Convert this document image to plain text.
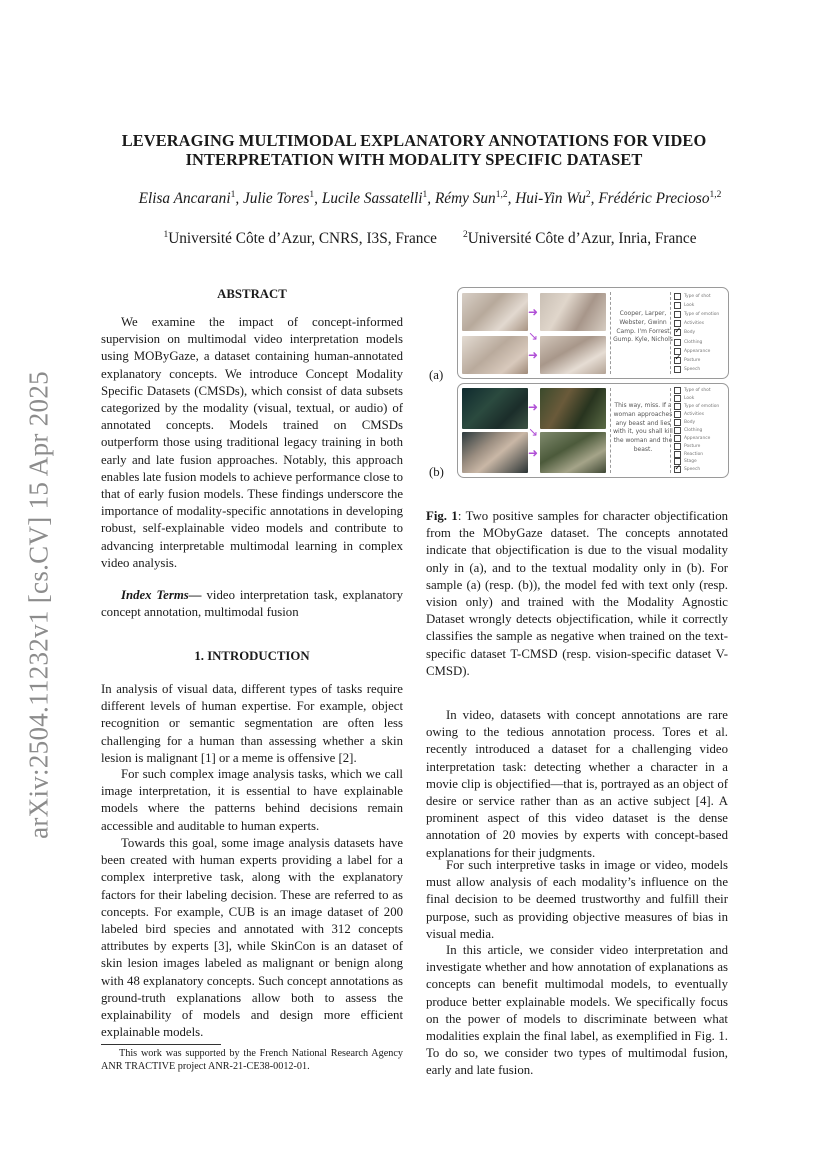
arXiv:2504.11232v1 [cs.CV] 15 Apr 2025
LEVERAGING MULTIMODAL EXPLANATORY ANNOTATIONS FOR VIDEO
INTERPRETATION WITH MODALITY SPECIFIC DATASET
Elisa Ancarani$^1$, Julie Tores$^1$, Lucile Sassatelli$^1$, Rémy Sun$^{1,2}$, Hui-Yin Wu$^2$, Frédéric Precioso$^{1,2}$
$^1$Université Côte d’Azur, CNRS, I3S, France	$^2$Université Côte d’Azur, Inria, France
ABSTRACT

We examine the impact of concept-informed supervision on multimodal video interpretation models using MOByGaze, a dataset containing human-annotated explanatory concepts. We introduce Concept Modality Specific Datasets (CMSDs), which consist of data subsets categorized by the modality (visual, textual, or audio) of annotated concepts. Models trained on CMSDs outperform those using traditional legacy training in both early and late fusion approaches. Notably, this approach enables late fusion models to achieve performance close to that of early fusion models. These findings underscore the importance of modality-specific annotations in developing robust, self-explainable video models and contribute to advancing interpretable multimodal learning in complex video analysis.

Index Terms— video interpretation task, explanatory concept annotation, multimodal fusion

1. INTRODUCTION

In analysis of visual data, different types of tasks require different levels of human expertise. For example, object recognition or semantic segmentation are often less challenging for a human than assessing whether a skin lesion is malignant [1] or a meme is offensive [2].

For such complex image analysis tasks, which we call image interpretation, it is essential to have explainable models where the patterns behind decisions remain accessible and auditable to human experts.

Towards this goal, some image analysis datasets have been created with human experts providing a label for a complex interpretive task, along with the explanatory factors for their labeling decision. These are referred to as concepts. For example, CUB is an image dataset of 200 labeled bird species and annotated with 312 concepts attributes by experts [3], while SkinCon is an dataset of skin lesion images labeled as malignant or benign along with 48 explanatory concepts. Such concept annotations as ground-truth explanations allow both to assess the explainability of models and design more efficient explainable models.

This work was supported by the French National Research Agency ANR TRACTIVE project ANR-21-CE38-0012-01.

(a)
(b)
➜
↘
➜
Cooper, Larper, Webster, Gwinn Camp. I'm Forrest Gump. Kyle, Nichols
Type of shot
Look
Type of emotion
Activities
✓
Body
Clothing
Appearance
✓
Posture
Speech
➜
↘
➜
This way, miss. If a woman approaches any beast and lies with it, you shall kill the woman and the beast.
Type of shot
Look
Type of emotion
Activities
Body
Clothing
Appearance
Posture
Reaction
Stage
✓
Speech

Fig. 1: Two positive samples for character objectification from the MObyGaze dataset. The concepts annotated indicate that objectification is due to the visual modality only in (a), and to the textual modality only in (b). For sample (a) (resp. (b)), the model fed with text only (resp. vision only) and trained with the Modality Agnostic Dataset wrongly detects objectification, while it correctly classifies the sample as negative when trained on the text-specific dataset T-CMSD (resp. vision-specific dataset V-CMSD).

In video, datasets with concept annotations are rare owing to the tedious annotation process. Tores et al. recently introduced a dataset for a challenging video interpretation task: detecting whether a character in a movie clip is objectified—that is, portrayed as an object of desire or service rather than as an active subject [4]. A prominent aspect of this video dataset is the dense annotation of 20 movies by experts with concept-based explanations for their judgments.

For such interpretive tasks in image or video, models must allow analysis of each modality’s influence on the final decision to be deemed trustworthy and fulfill their purpose, such as providing objective measures of bias in visual media.

In this article, we consider video interpretation and investigate whether and how annotation of explanations as concepts can benefit multimodal models, to eventually produce better explainable models. We specifically focus on the power of models to discriminate between what modalities explain the final label, as exemplified in Fig. 1. To do so, we consider two types of multimodal fusion, early and late fusion.
